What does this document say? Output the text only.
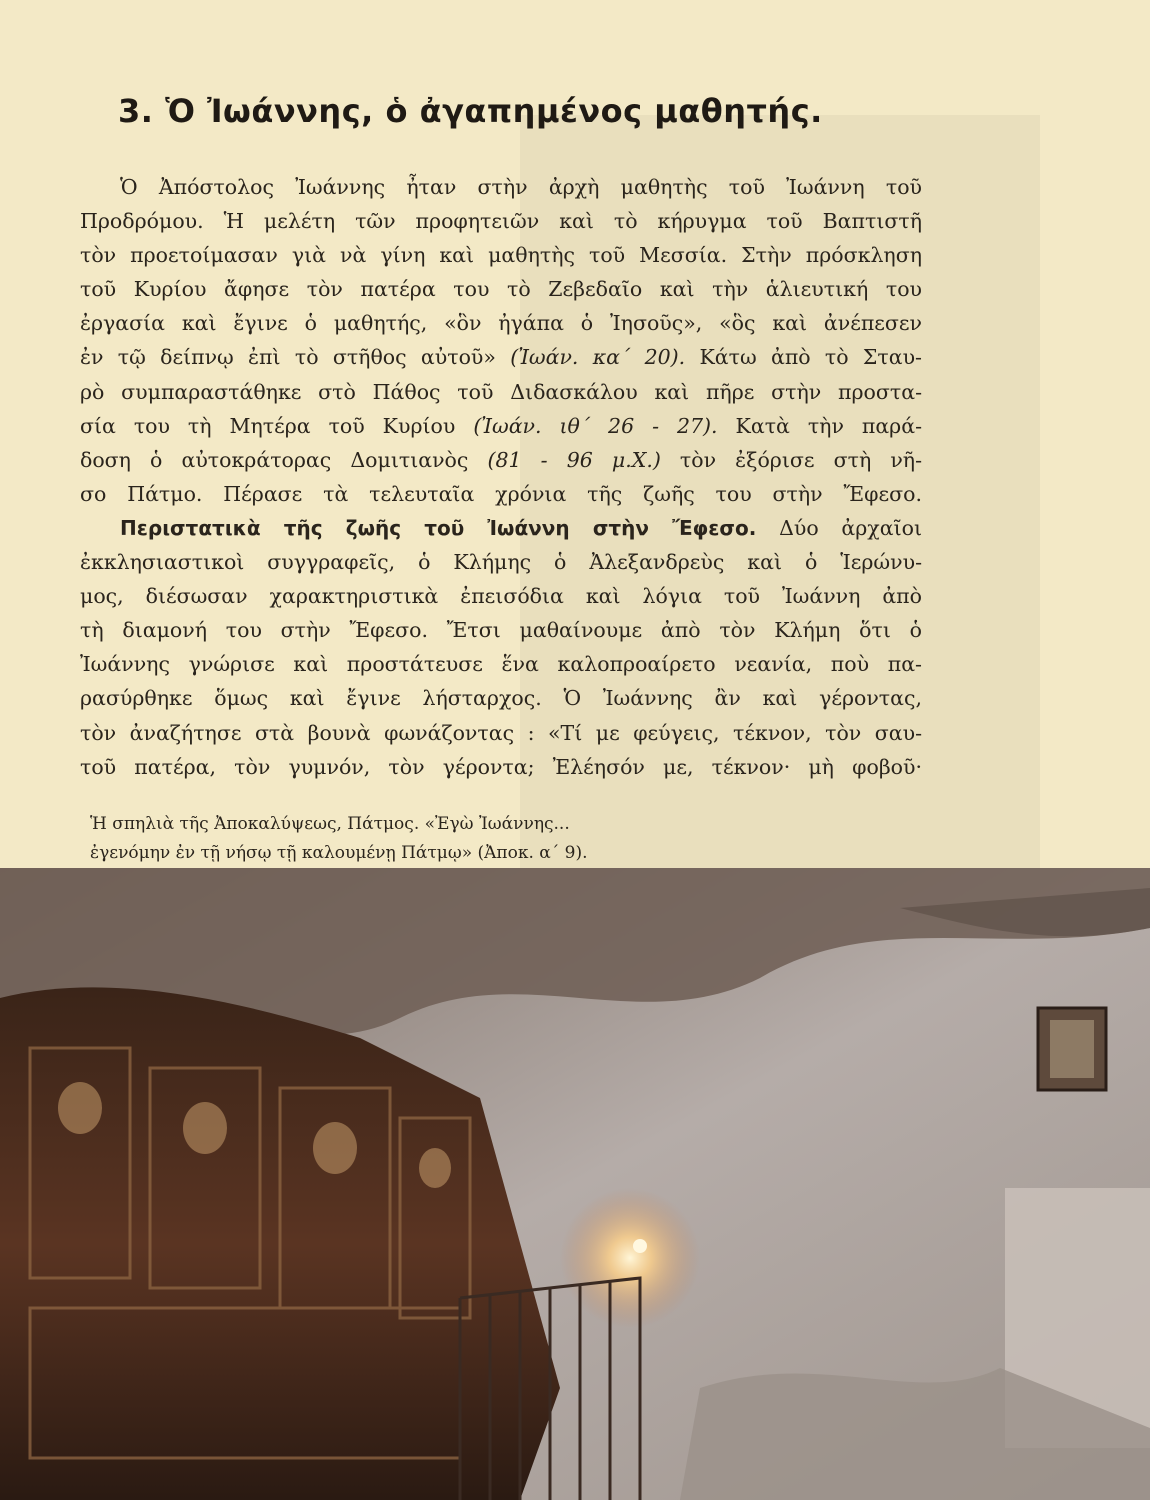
3. Ὁ Ἰωάννης, ὁ ἀγαπημένος μαθητής.
Ὁ Ἀπόστολος Ἰωάννης ἦταν στὴν ἀρχὴ μαθητὴς τοῦ Ἰωάννη τοῦ
Προδρόμου. Ἡ μελέτη τῶν προφητειῶν καὶ τὸ κήρυγμα τοῦ Βαπτιστῆ
τὸν προετοίμασαν γιὰ νὰ γίνη καὶ μαθητὴς τοῦ Μεσσία. Στὴν πρόσκληση
τοῦ Κυρίου ἄφησε τὸν πατέρα του τὸ Ζεβεδαῖο καὶ τὴν ἁλιευτική του
ἐργασία καὶ ἔγινε ὁ μαθητής, «ὃν ἠγάπα ὁ Ἰησοῦς», «ὃς καὶ ἀνέπεσεν
ἐν τῷ δείπνῳ ἐπὶ τὸ στῆθος αὐτοῦ» (Ἰωάν. κα΄ 20). Κάτω ἀπὸ τὸ Σταυ-
ρὸ συμπαραστάθηκε στὸ Πάθος τοῦ Διδασκάλου καὶ πῆρε στὴν προστα-
σία του τὴ Μητέρα τοῦ Κυρίου (Ἰωάν. ιθ΄ 26 - 27). Κατὰ τὴν παρά-
δοση ὁ αὐτοκράτορας Δομιτιανὸς (81 - 96 μ.Χ.) τὸν ἐξόρισε στὴ νῆ-
σο Πάτμο. Πέρασε τὰ τελευταῖα χρόνια τῆς ζωῆς του στὴν Ἔφεσο.
Περιστατικὰ τῆς ζωῆς τοῦ Ἰωάννη στὴν Ἔφεσο. Δύο ἀρχαῖοι
ἐκκλησιαστικοὶ συγγραφεῖς, ὁ Κλήμης ὁ Ἀλεξανδρεὺς καὶ ὁ Ἱερώνυ-
μος, διέσωσαν χαρακτηριστικὰ ἐπεισόδια καὶ λόγια τοῦ Ἰωάννη ἀπὸ
τὴ διαμονή του στὴν Ἔφεσο. Ἔτσι μαθαίνουμε ἀπὸ τὸν Κλήμη ὅτι ὁ
Ἰωάννης γνώρισε καὶ προστάτευσε ἕνα καλοπροαίρετο νεανία, ποὺ πα-
ρασύρθηκε ὅμως καὶ ἔγινε λήσταρχος. Ὁ Ἰωάννης ἂν καὶ γέροντας,
τὸν ἀναζήτησε στὰ βουνὰ φωνάζοντας : «Τί με φεύγεις, τέκνον, τὸν σαυ-
τοῦ πατέρα, τὸν γυμνόν, τὸν γέροντα; Ἐλέησόν με, τέκνον· μὴ φοβοῦ·
Ἡ σπηλιὰ τῆς Ἀποκαλύψεως, Πάτμος. «Ἐγὼ Ἰωάννης...
ἐγενόμην ἐν τῇ νήσῳ τῇ καλουμένῃ Πάτμῳ» (Ἀποκ. α΄ 9).
